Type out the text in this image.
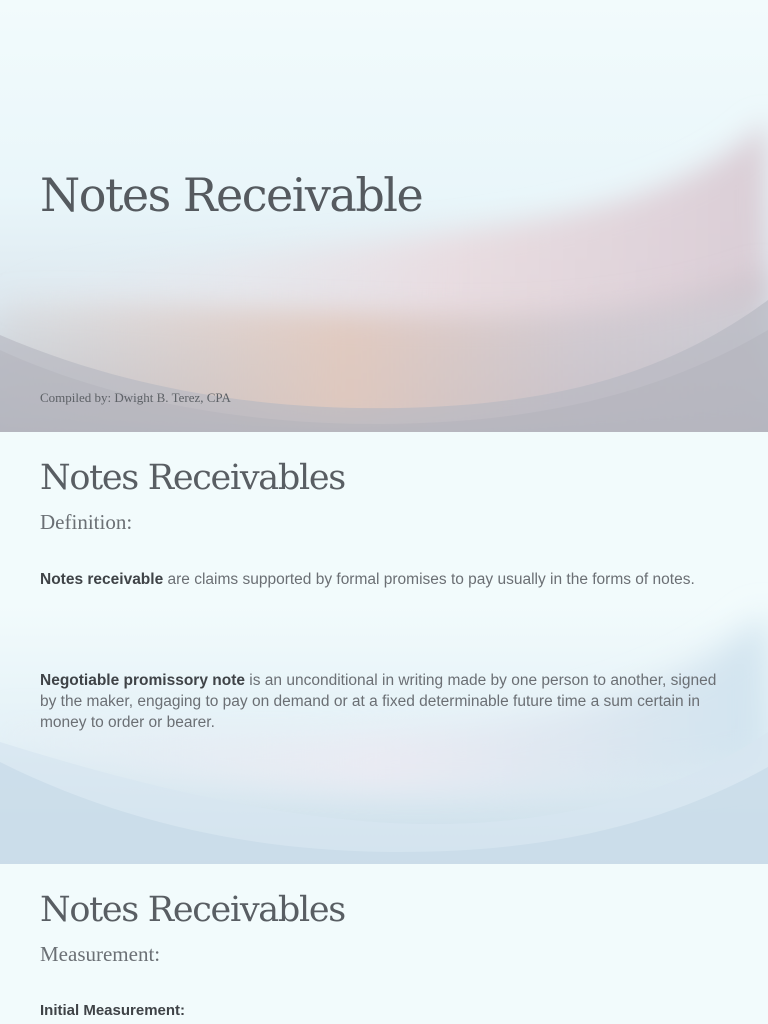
Notes Receivable

Compiled by: Dwight B. Terez, CPA

Notes Receivables
Definition:

Notes receivable are claims supported by formal promises to pay usually in the forms of notes.

Negotiable promissory note is an unconditional in writing made by one person to another, signed by the maker, engaging to pay on demand or at a fixed determinable future time a sum certain in money to order or bearer.

Notes Receivables
Measurement:

Initial Measurement:
